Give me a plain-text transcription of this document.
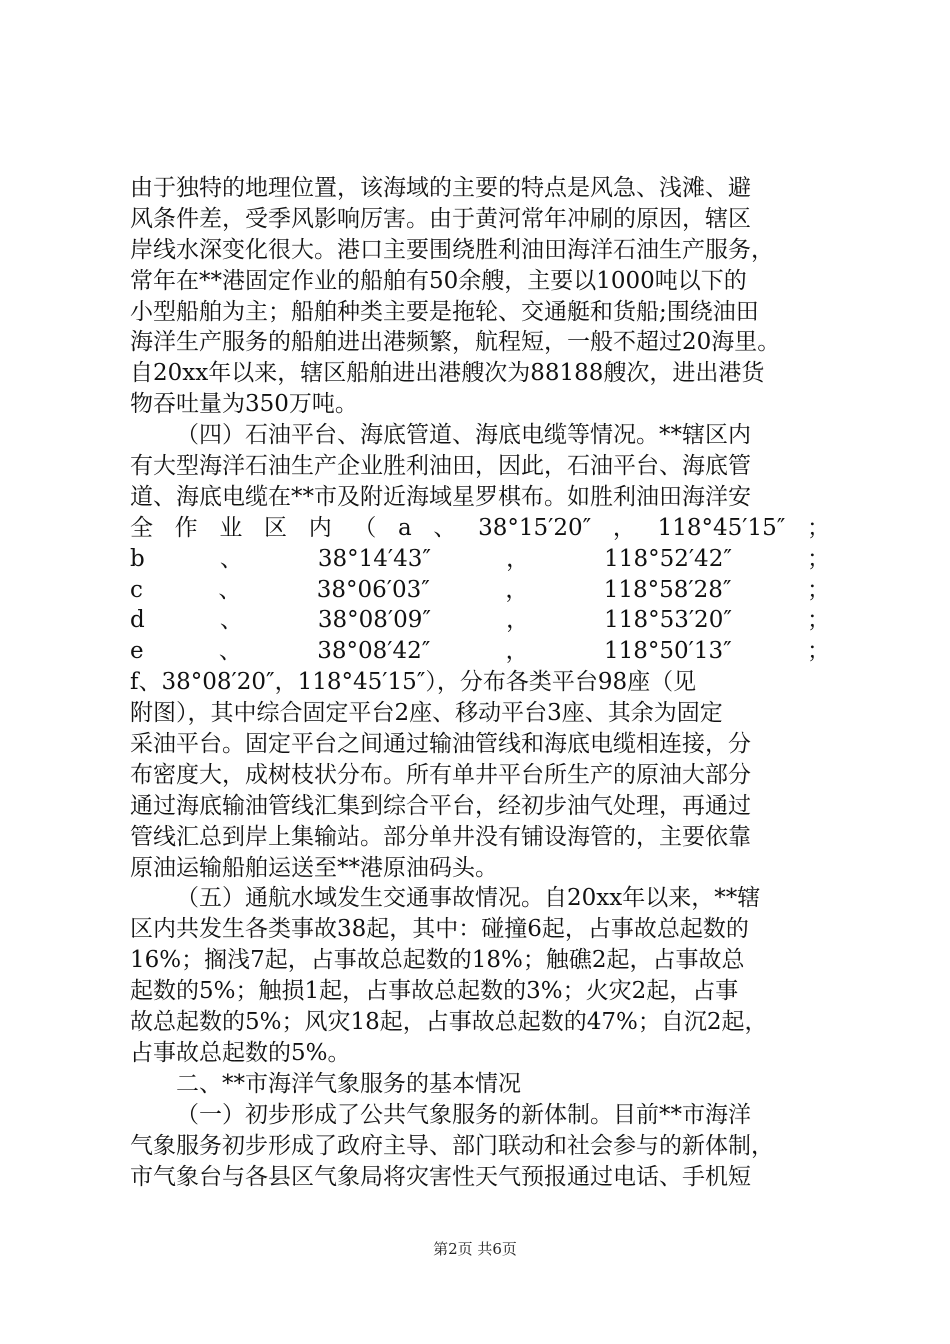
由于独特的地理位置，该海域的主要的特点是风急、浅滩、避
风条件差，受季风影响厉害。由于黄河常年冲刷的原因，辖区
岸线水深变化很大。港口主要围绕胜利油田海洋石油生产服务，
常年在**港固定作业的船舶有50余艘，主要以1000吨以下的
小型船舶为主；船舶种类主要是拖轮、交通艇和货船;围绕油田
海洋生产服务的船舶进出港频繁，航程短，一般不超过20海里。
自20xx年以来，辖区船舶进出港艘次为88188艘次，进出港货
物吞吐量为350万吨。
（四）石油平台、海底管道、海底电缆等情况。**辖区内
有大型海洋石油生产企业胜利油田，因此，石油平台、海底管
道、海底电缆在**市及附近海域星罗棋布。如胜利油田海洋安
全 作 业 区 内 （ a 、 38°15′20″ ， 118°45′15″ ；
b	、	38°14′43″	，	118°52′42″	；
c	、	38°06′03″	，	118°58′28″	；
d	、	38°08′09″	，	118°53′20″	；
e	、	38°08′42″	，	118°50′13″	；
f、38°08′20″，118°45′15″），分布各类平台98座（见
附图），其中综合固定平台2座、移动平台3座、其余为固定
采油平台。固定平台之间通过输油管线和海底电缆相连接，分
布密度大，成树枝状分布。所有单井平台所生产的原油大部分
通过海底输油管线汇集到综合平台，经初步油气处理，再通过
管线汇总到岸上集输站。部分单井没有铺设海管的，主要依靠
原油运输船舶运送至**港原油码头。
（五）通航水域发生交通事故情况。自20xx年以来，**辖
区内共发生各类事故38起，其中：碰撞6起，占事故总起数的
16%；搁浅7起，占事故总起数的18%；触礁2起，占事故总
起数的5%；触损1起，占事故总起数的3%；火灾2起，占事
故总起数的5%；风灾18起，占事故总起数的47%；自沉2起，
占事故总起数的5%。
二、**市海洋气象服务的基本情况
（一）初步形成了公共气象服务的新体制。目前**市海洋
气象服务初步形成了政府主导、部门联动和社会参与的新体制，
市气象台与各县区气象局将灾害性天气预报通过电话、手机短
第2页 共6页
